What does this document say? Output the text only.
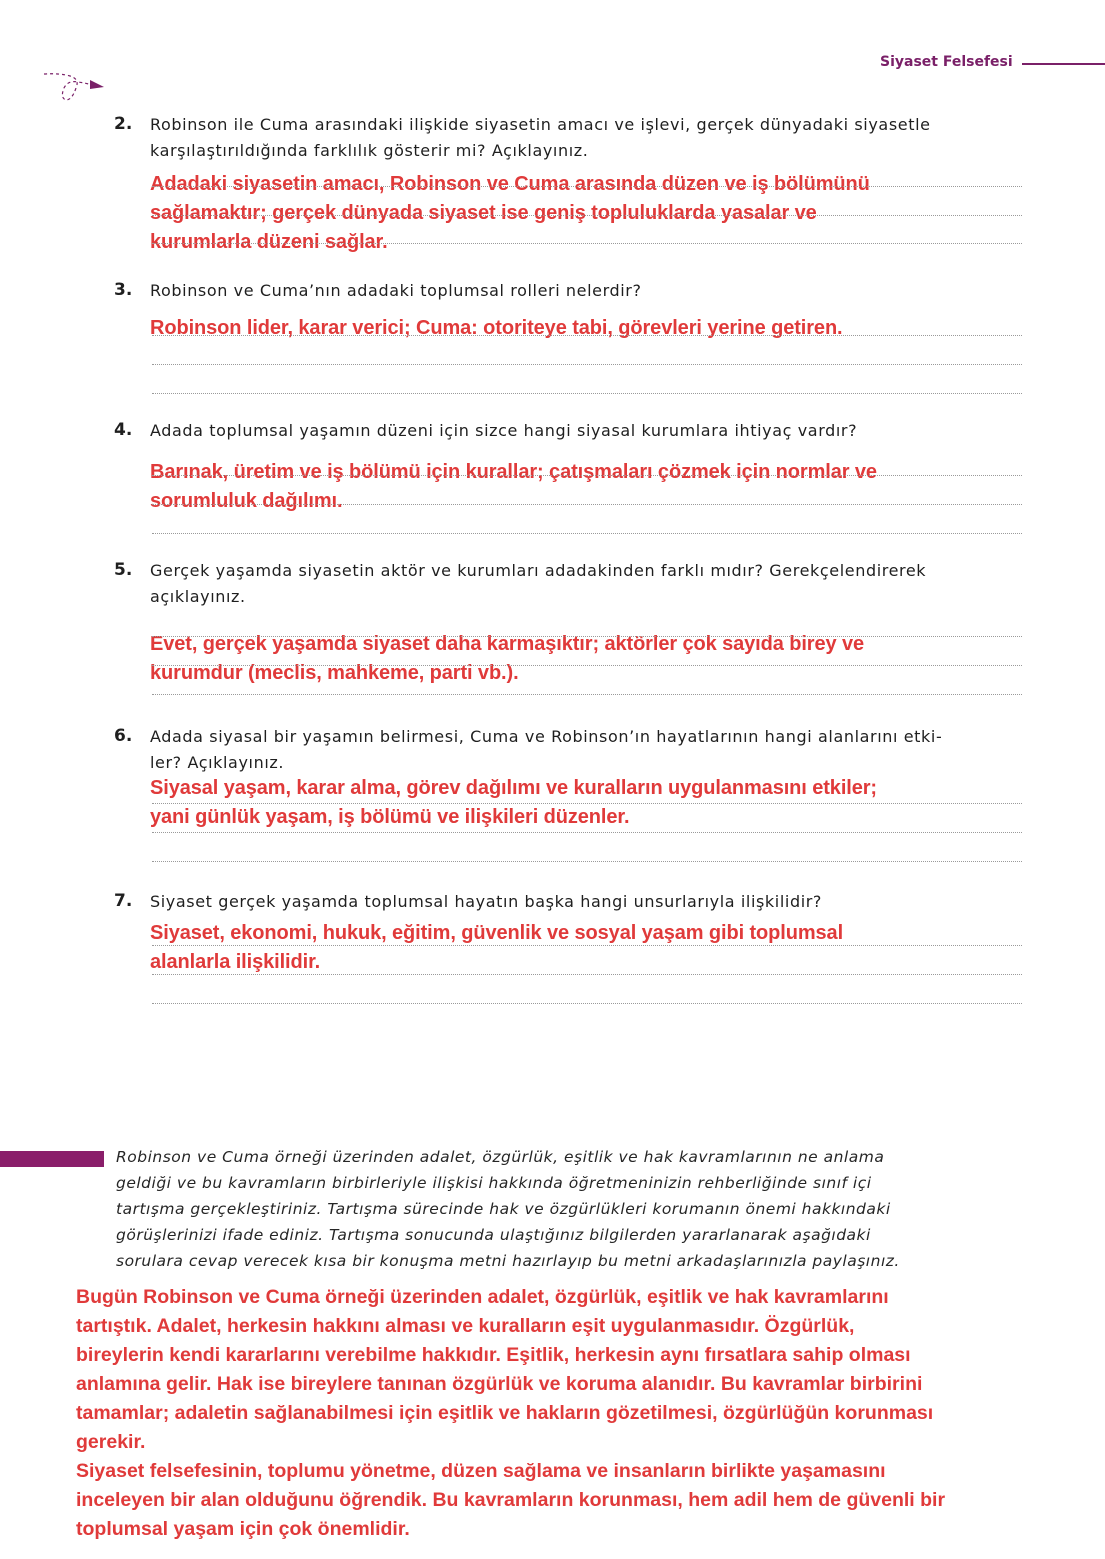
Siyaset Felsefesi
2. Robinson ile Cuma arasındaki ilişkide siyasetin amacı ve işlevi, gerçek dünyadaki siyasetle
karşılaştırıldığında farklılık gösterir mi? Açıklayınız.
Adadaki siyasetin amacı, Robinson ve Cuma arasında düzen ve iş bölümünü
sağlamaktır; gerçek dünyada siyaset ise geniş topluluklarda yasalar ve
kurumlarla düzeni sağlar.
3. Robinson ve Cuma’nın adadaki toplumsal rolleri nelerdir?
Robinson lider, karar verici; Cuma: otoriteye tabi, görevleri yerine getiren.
4. Adada toplumsal yaşamın düzeni için sizce hangi siyasal kurumlara ihtiyaç vardır?
Barınak, üretim ve iş bölümü için kurallar; çatışmaları çözmek için normlar ve
sorumluluk dağılımı.
5. Gerçek yaşamda siyasetin aktör ve kurumları adadakinden farklı mıdır? Gerekçelendirerek
açıklayınız.
Evet, gerçek yaşamda siyaset daha karmaşıktır; aktörler çok sayıda birey ve
kurumdur (meclis, mahkeme, parti vb.).
6. Adada siyasal bir yaşamın belirmesi, Cuma ve Robinson’ın hayatlarının hangi alanlarını etki-
ler? Açıklayınız.
Siyasal yaşam, karar alma, görev dağılımı ve kuralların uygulanmasını etkiler;
yani günlük yaşam, iş bölümü ve ilişkileri düzenler.
7. Siyaset gerçek yaşamda toplumsal hayatın başka hangi unsurlarıyla ilişkilidir?
Siyaset, ekonomi, hukuk, eğitim, güvenlik ve sosyal yaşam gibi toplumsal
alanlarla ilişkilidir.
Robinson ve Cuma örneği üzerinden adalet, özgürlük, eşitlik ve hak kavramlarının ne anlama
geldiği ve bu kavramların birbirleriyle ilişkisi hakkında öğretmeninizin rehberliğinde sınıf içi
tartışma gerçekleştiriniz. Tartışma sürecinde hak ve özgürlükleri korumanın önemi hakkındaki
görüşlerinizi ifade ediniz. Tartışma sonucunda ulaştığınız bilgilerden yararlanarak aşağıdaki
sorulara cevap verecek kısa bir konuşma metni hazırlayıp bu metni arkadaşlarınızla paylaşınız.
Bugün Robinson ve Cuma örneği üzerinden adalet, özgürlük, eşitlik ve hak kavramlarını
tartıştık. Adalet, herkesin hakkını alması ve kuralların eşit uygulanmasıdır. Özgürlük,
bireylerin kendi kararlarını verebilme hakkıdır. Eşitlik, herkesin aynı fırsatlara sahip olması
anlamına gelir. Hak ise bireylere tanınan özgürlük ve koruma alanıdır. Bu kavramlar birbirini
tamamlar; adaletin sağlanabilmesi için eşitlik ve hakların gözetilmesi, özgürlüğün korunması
gerekir.
Siyaset felsefesinin, toplumu yönetme, düzen sağlama ve insanların birlikte yaşamasını
inceleyen bir alan olduğunu öğrendik. Bu kavramların korunması, hem adil hem de güvenli bir
toplumsal yaşam için çok önemlidir.
